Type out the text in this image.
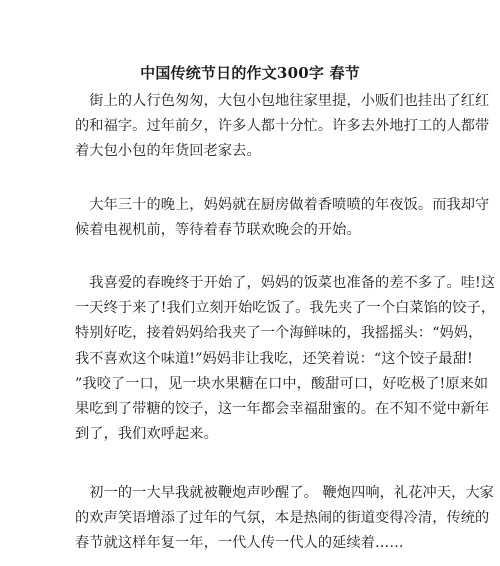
中国传统节日的作文300字 春节
　街上的人行色匆匆，大包小包地往家里提，小贩们也挂出了红红
的和福字。过年前夕，许多人都十分忙。许多去外地打工的人都带
着大包小包的年货回老家去。
　大年三十的晚上，妈妈就在厨房做着香喷喷的年夜饭。而我却守
候着电视机前，等待着春节联欢晚会的开始。
　我喜爱的春晚终于开始了，妈妈的饭菜也准备的差不多了。哇!这
一天终于来了!我们立刻开始吃饭了。我先夹了一个白菜馅的饺子，
特别好吃，接着妈妈给我夹了一个海鲜味的，我摇摇头：“妈妈，
我不喜欢这个味道!”妈妈非让我吃，还笑着说：“这个饺子最甜!
”我咬了一口，见一块水果糖在口中，酸甜可口，好吃极了!原来如
果吃到了带糖的饺子，这一年都会幸福甜蜜的。在不知不觉中新年
到了，我们欢呼起来。
　初一的一大早我就被鞭炮声吵醒了。 鞭炮四响，礼花冲天，大家
的欢声笑语增添了过年的气氛，本是热闹的街道变得冷清，传统的
春节就这样年复一年，一代人传一代人的延续着……
